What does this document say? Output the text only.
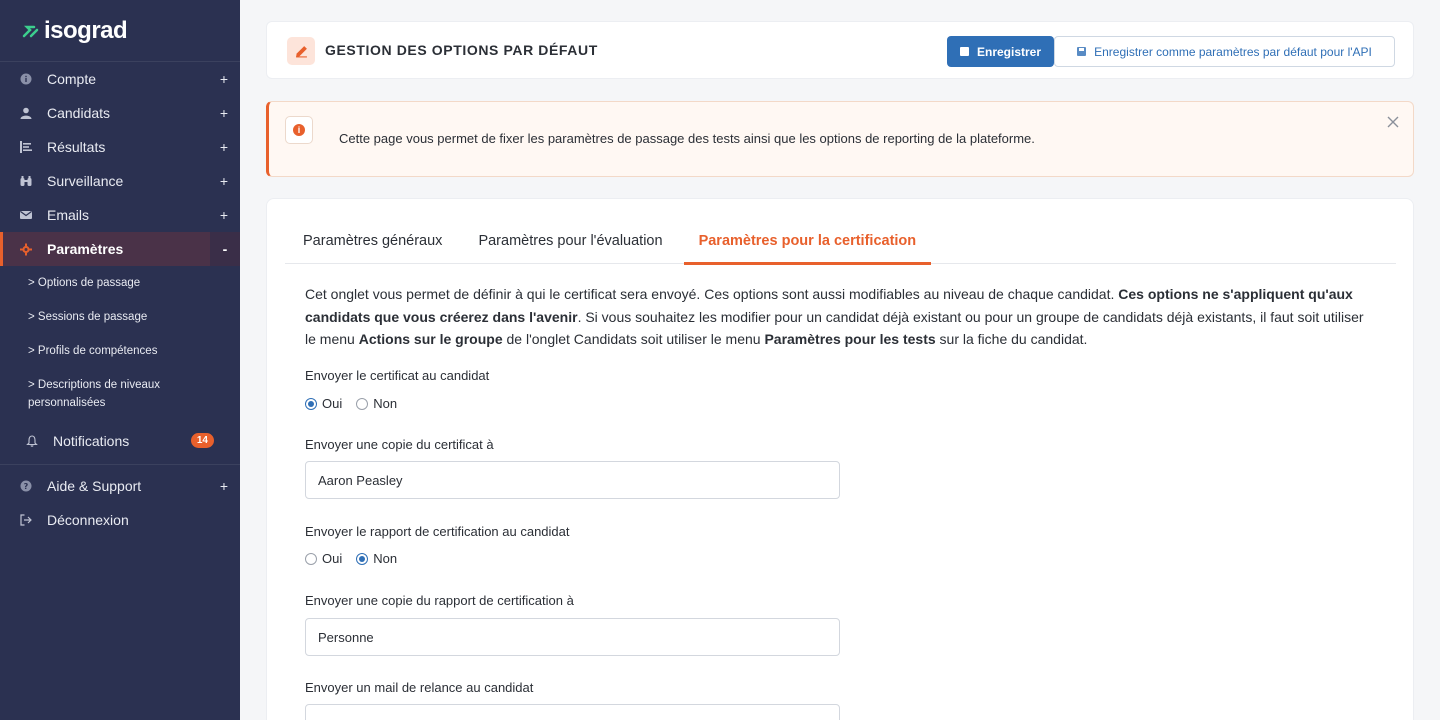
isograd
Compte	+
Candidats	+
Résultats	+
Surveillance	+
Emails	+
Paramètres	-
> Options de passage
> Sessions de passage
> Profils de compétences
> Descriptions de niveaux personnalisées
Notifications	14
? Aide & Support	+
Déconnexion
GESTION DES OPTIONS PAR DÉFAUT	Enregistrer	Enregistrer comme paramètres par défaut pour l'API
i

Cette page vous permet de fixer les paramètres de passage des tests ainsi que les options de reporting de la plateforme.

Paramètres généraux	Paramètres pour l'évaluation	Paramètres pour la certification

Cet onglet vous permet de définir à qui le certificat sera envoyé. Ces options sont aussi modifiables au niveau de chaque candidat. Ces options ne s'appliquent qu'aux candidats que vous créerez dans l'avenir. Si vous souhaitez les modifier pour un candidat déjà existant ou pour un groupe de candidats déjà existants, il faut soit utiliser le menu Actions sur le groupe de l'onglet Candidats soit utiliser le menu Paramètres pour les tests sur la fiche du candidat.

Envoyer le certificat au candidat
Oui Non
Envoyer une copie du certificat à
Aaron Peasley
Envoyer le rapport de certification au candidat
Oui Non
Envoyer une copie du rapport de certification à
Personne
Envoyer un mail de relance au candidat
